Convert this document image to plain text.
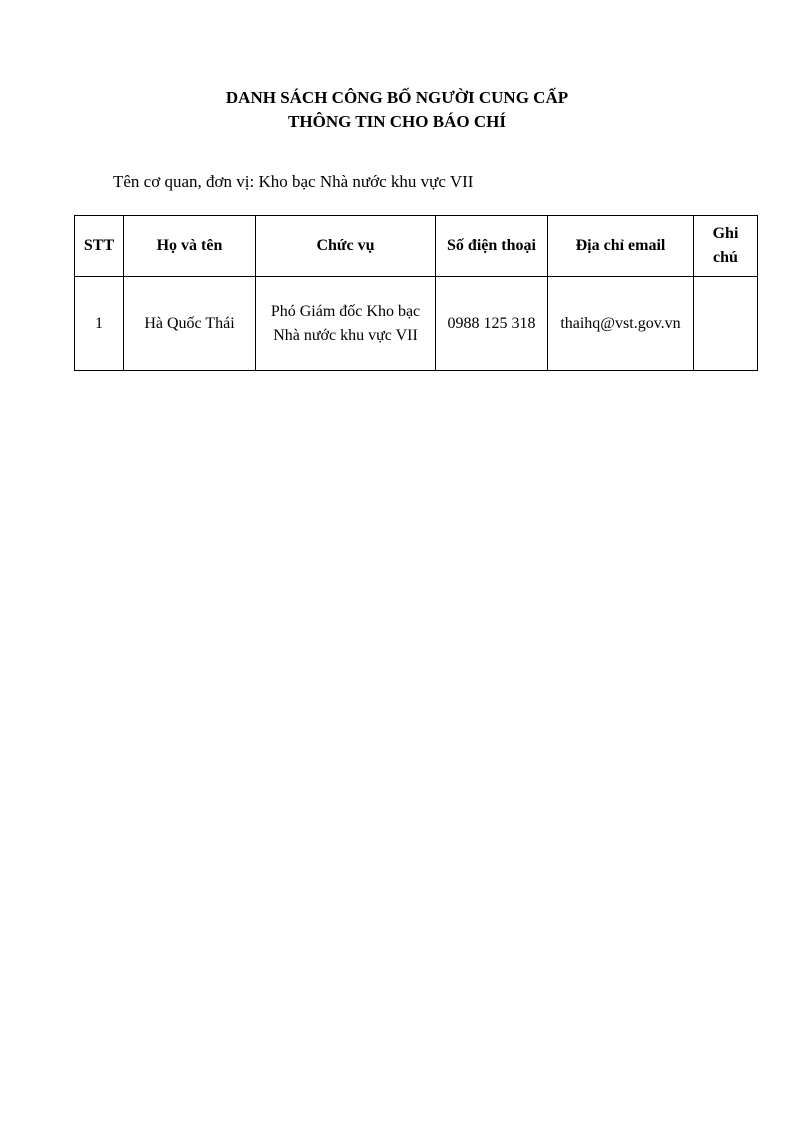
DANH SÁCH CÔNG BỐ NGƯỜI CUNG CẤP
THÔNG TIN CHO BÁO CHÍ
Tên cơ quan, đơn vị: Kho bạc Nhà nước khu vực VII
STT	Họ và tên	Chức vụ	Số điện thoại	Địa chỉ email	Ghi
chú

1	Hà Quốc Thái	Phó Giám đốc Kho bạc
Nhà nước khu vực VII	0988 125 318	thaihq@vst.gov.vn	
